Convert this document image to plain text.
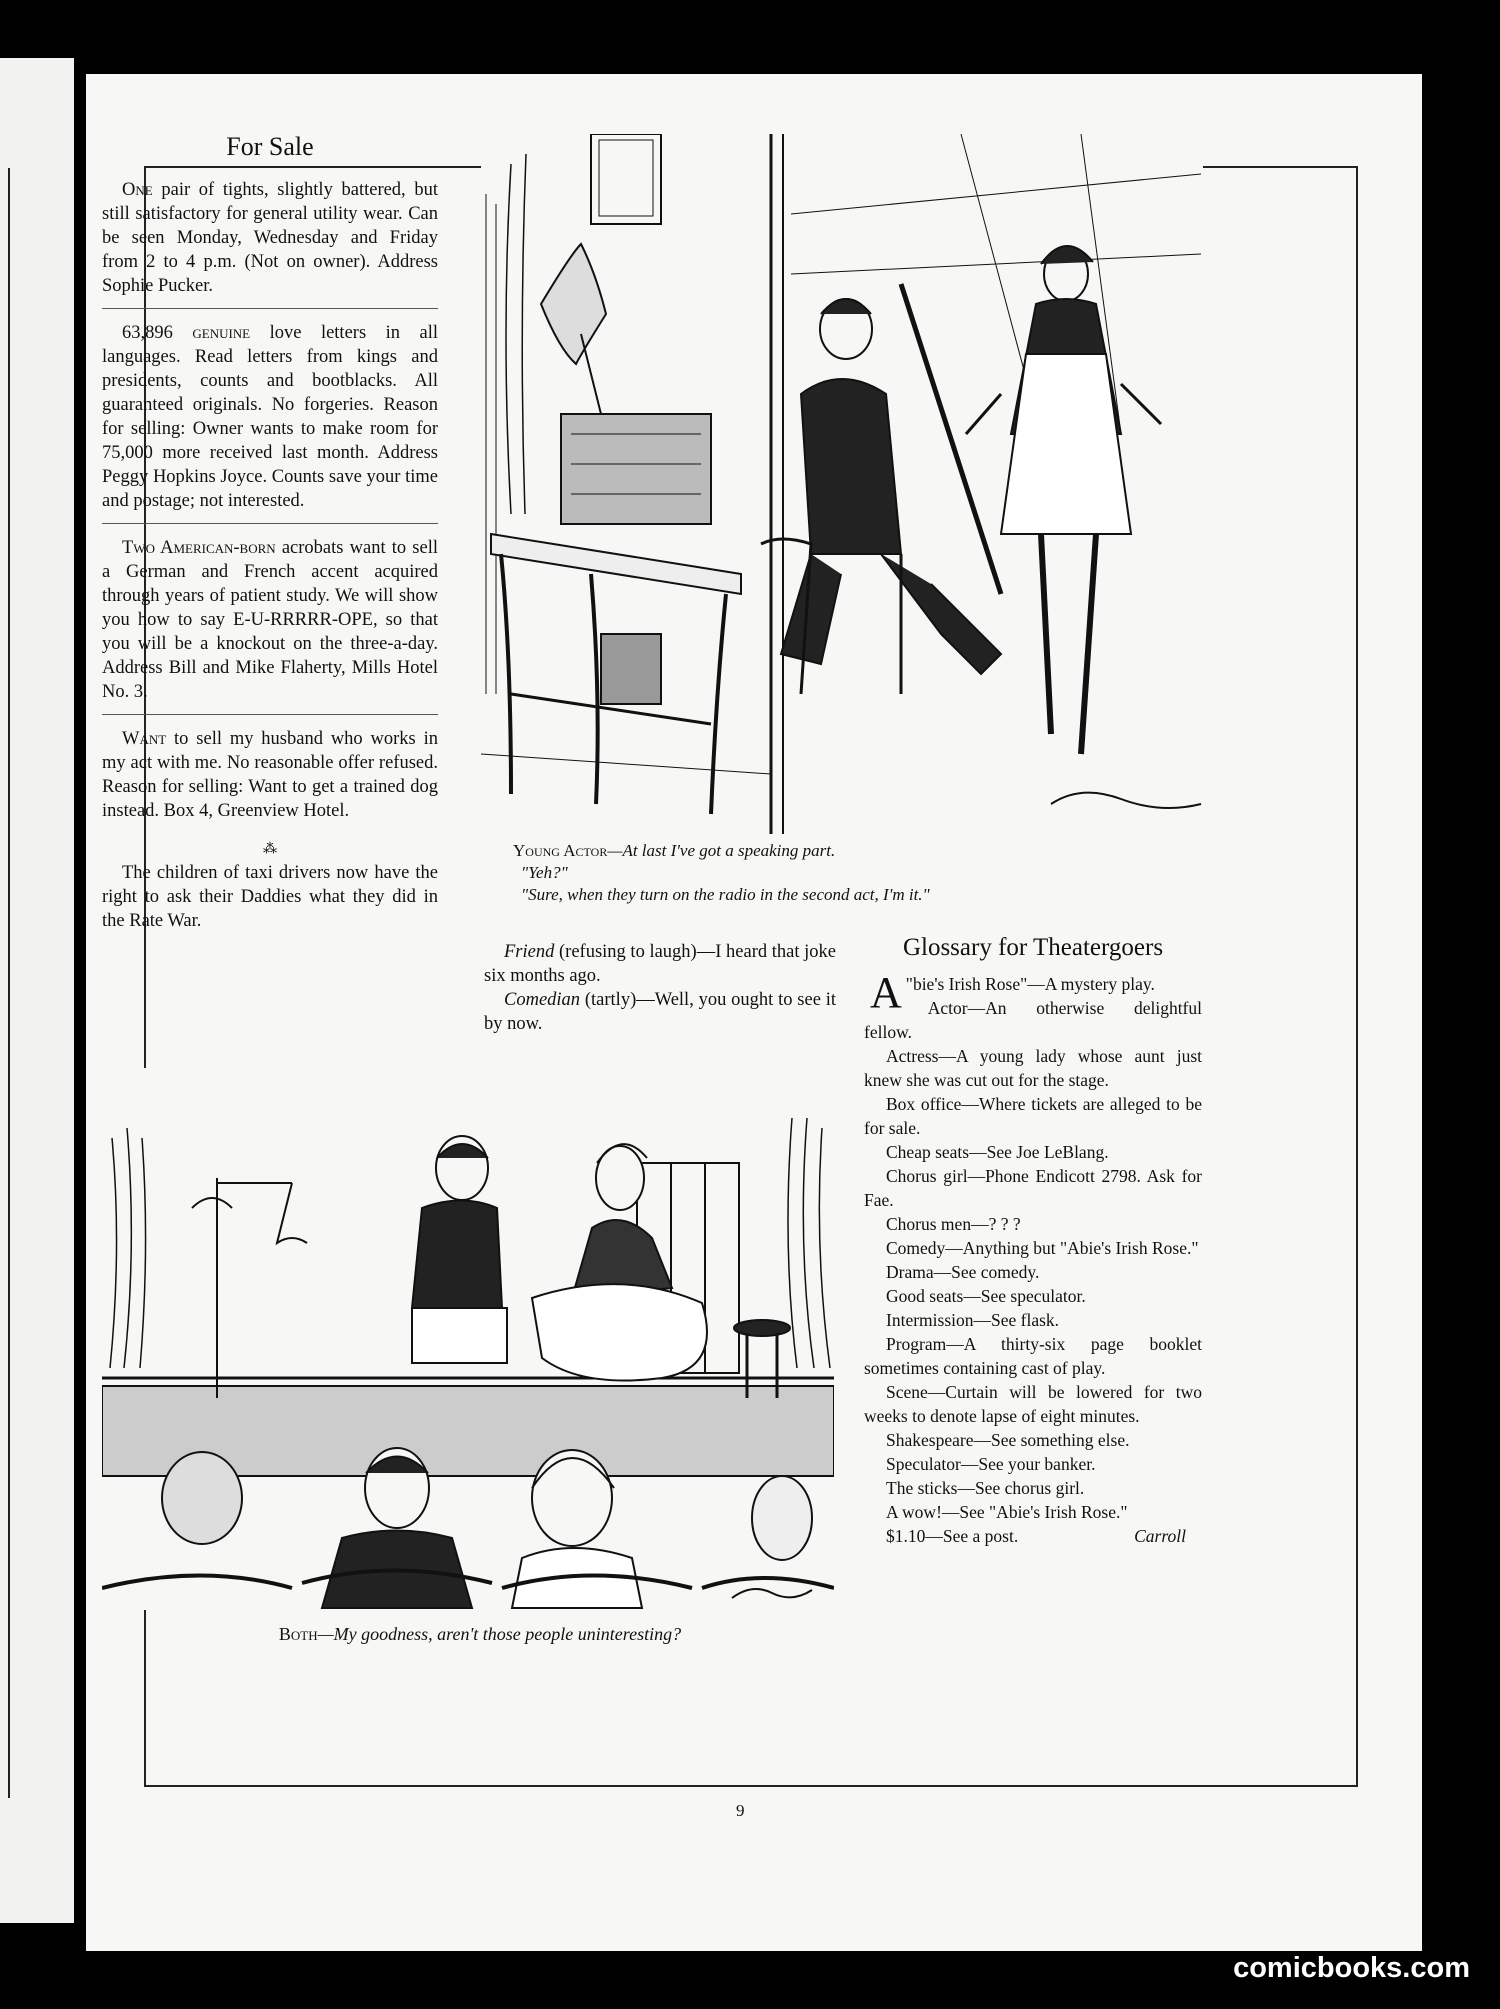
9
For Sale

One pair of tights, slightly battered, but still satisfactory for general utility wear. Can be seen Monday, Wednesday and Friday from 2 to 4 p.m. (Not on owner). Address Sophie Pucker.

63,896 genuine love letters in all languages. Read letters from kings and presidents, counts and bootblacks. All guaranteed originals. No forgeries. Reason for selling: Owner wants to make room for 75,000 more received last month. Address Peggy Hopkins Joyce. Counts save your time and postage; not interested.

Two American-born acrobats want to sell a German and French accent acquired through years of patient study. We will show you how to say E-U-RRRRR-OPE, so that you will be a knockout on the three-a-day. Address Bill and Mike Flaherty, Mills Hotel No. 3.

Want to sell my husband who works in my act with me. No reasonable offer refused. Reason for selling: Want to get a trained dog instead. Box 4, Greenview Hotel.

⁂

The children of taxi drivers now have the right to ask their Daddies what they did in the Rate War.

Young Actor—At last I've got a speaking part.
"Yeh?"
"Sure, when they turn on the radio in the second act, I'm it."

Friend (refusing to laugh)—I heard that joke six months ago.

Comedian (tartly)—Well, you ought to see it by now.

Glossary for Theatergoers

"
A bie's Irish Rose"—A mystery play.

Actor—An otherwise delightful fellow.

Actress—A young lady whose aunt just knew she was cut out for the stage.

Box office—Where tickets are alleged to be for sale.

Cheap seats—See Joe LeBlang.

Chorus girl—Phone Endicott 2798. Ask for Fae.

Chorus men—? ? ?

Comedy—Anything but "Abie's Irish Rose."

Drama—See comedy.

Good seats—See speculator.

Intermission—See flask.

Program—A thirty-six page booklet sometimes containing cast of play.

Scene—Curtain will be lowered for two weeks to denote lapse of eight minutes.

Shakespeare—See something else.

Speculator—See your banker.

The sticks—See chorus girl.

A wow!—See "Abie's Irish Rose."

$1.10—See a post.	Carroll

Both—My goodness, aren't those people uninteresting?
comicbooks.com
